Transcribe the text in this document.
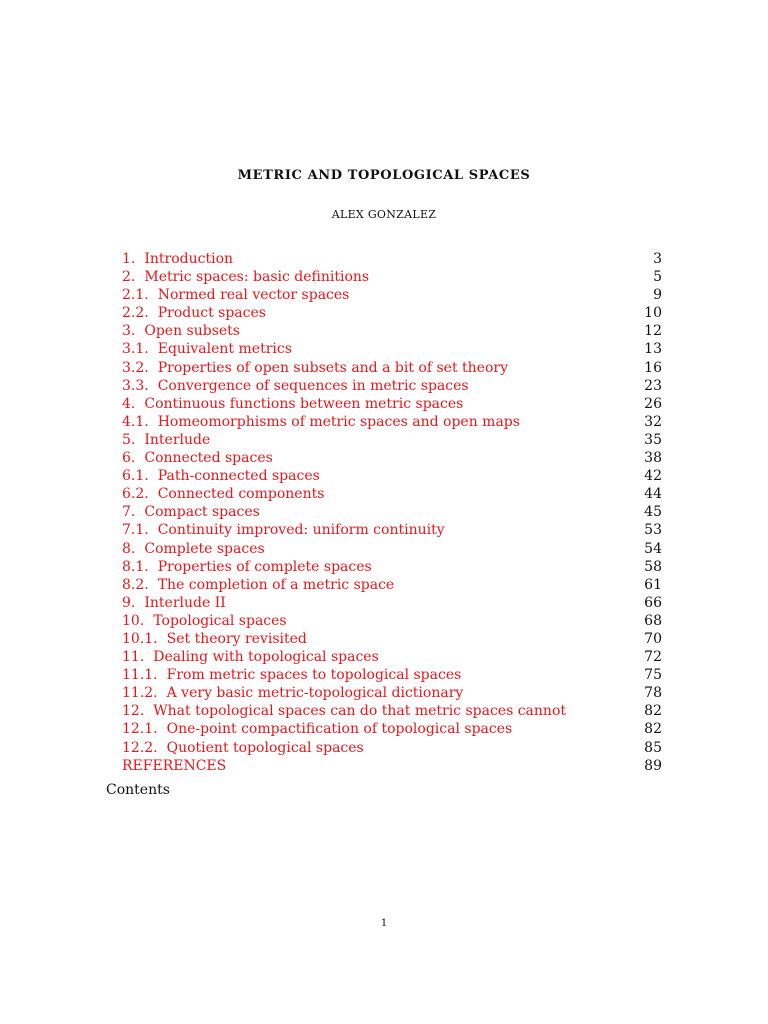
METRIC AND TOPOLOGICAL SPACES
ALEX GONZALEZ
1. Introduction	3
2. Metric spaces: basic definitions	5
2.1. Normed real vector spaces	9
2.2. Product spaces	10
3. Open subsets	12
3.1. Equivalent metrics	13
3.2. Properties of open subsets and a bit of set theory	16
3.3. Convergence of sequences in metric spaces	23
4. Continuous functions between metric spaces	26
4.1. Homeomorphisms of metric spaces and open maps	32
5. Interlude	35
6. Connected spaces	38
6.1. Path-connected spaces	42
6.2. Connected components	44
7. Compact spaces	45
7.1. Continuity improved: uniform continuity	53
8. Complete spaces	54
8.1. Properties of complete spaces	58
8.2. The completion of a metric space	61
9. Interlude II	66
10. Topological spaces	68
10.1. Set theory revisited	70
11. Dealing with topological spaces	72
11.1. From metric spaces to topological spaces	75
11.2. A very basic metric-topological dictionary	78
12. What topological spaces can do that metric spaces cannot	82
12.1. One-point compactification of topological spaces	82
12.2. Quotient topological spaces	85
REFERENCES	89
Contents
1
